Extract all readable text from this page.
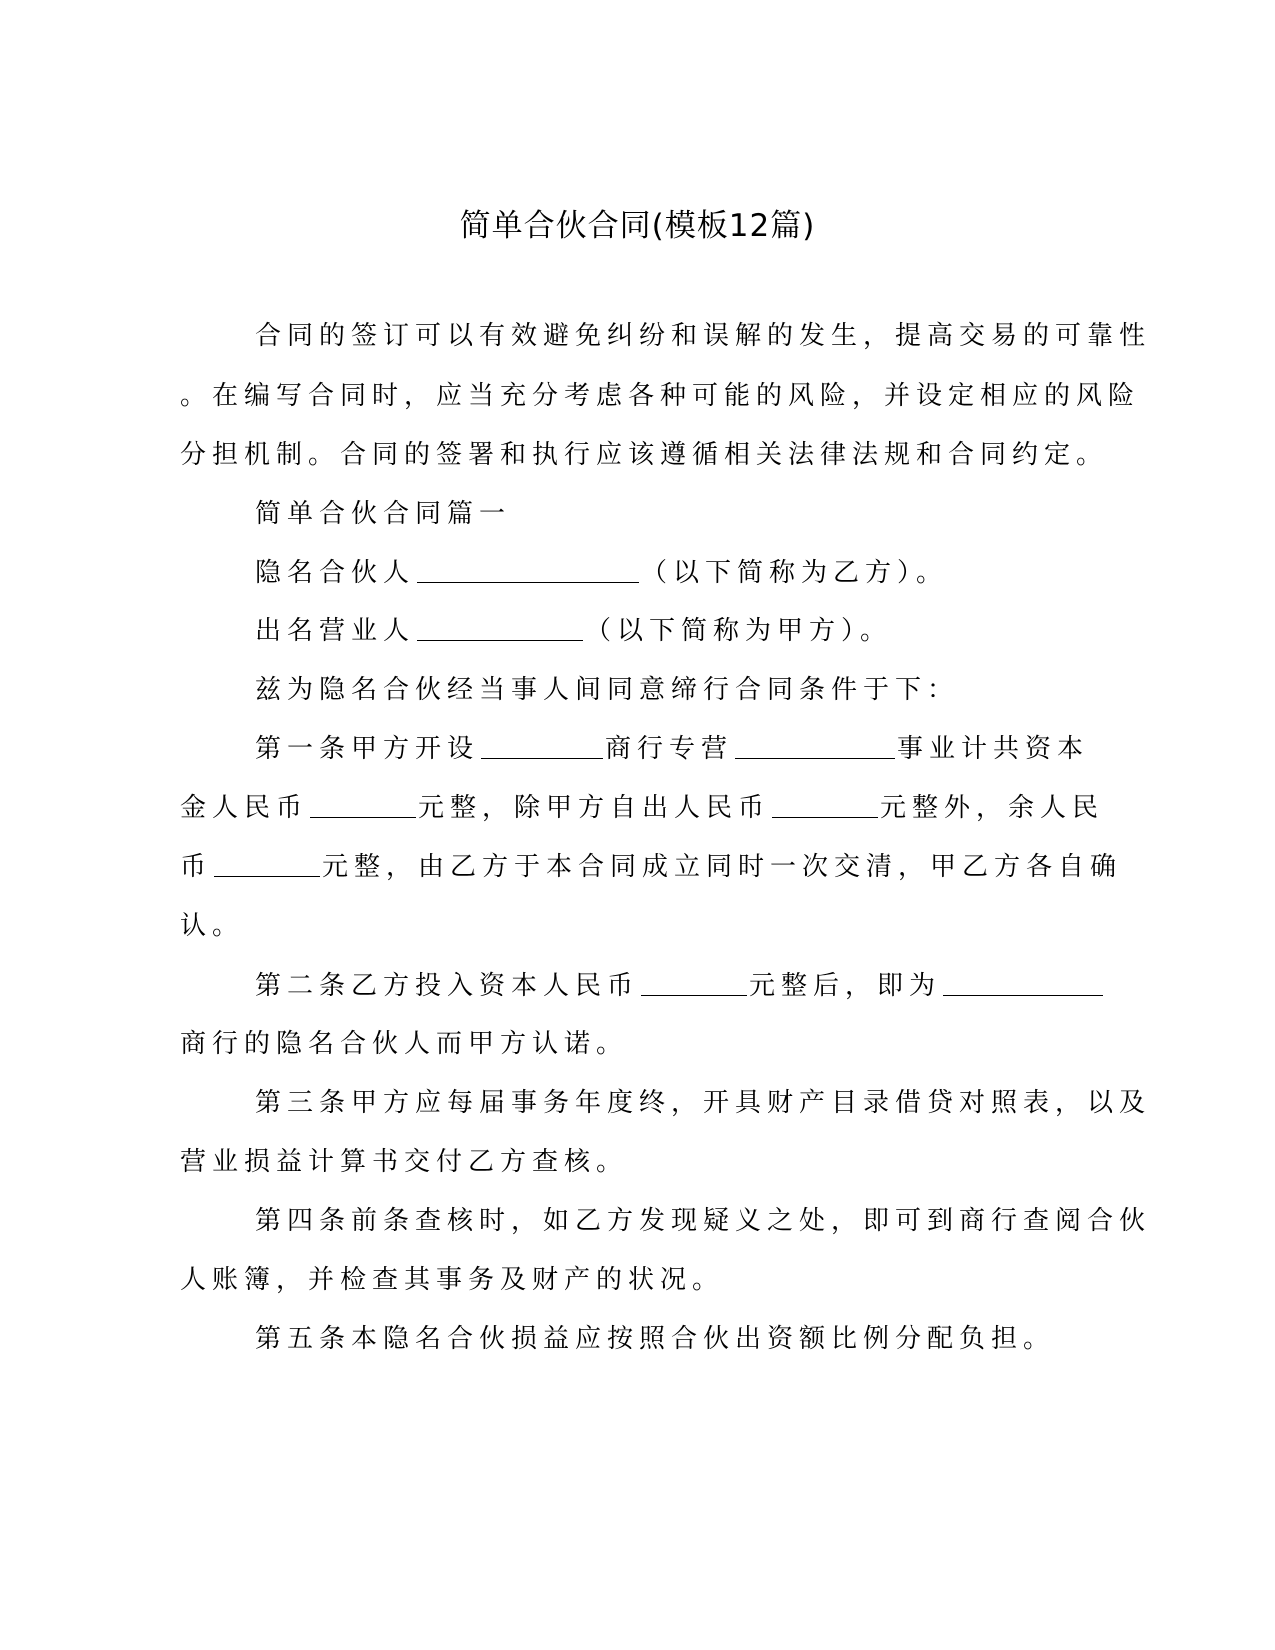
简单合伙合同(模板12篇)
合同的签订可以有效避免纠纷和误解的发生，提高交易的可靠性
。在编写合同时，应当充分考虑各种可能的风险，并设定相应的风险
分担机制。合同的签署和执行应该遵循相关法律法规和合同约定。
简单合伙合同篇一
隐名合伙人	（以下简称为乙方）。
出名营业人	（以下简称为甲方）。
兹为隐名合伙经当事人间同意缔行合同条件于下：
第一条甲方开设	商行专营	事业计共资本
金人民币	元整，除甲方自出人民币	元整外，余人民
币	元整，由乙方于本合同成立同时一次交清，甲乙方各自确
认。
第二条乙方投入资本人民币	元整后，即为
商行的隐名合伙人而甲方认诺。
第三条甲方应每届事务年度终，开具财产目录借贷对照表，以及
营业损益计算书交付乙方查核。
第四条前条查核时，如乙方发现疑义之处，即可到商行查阅合伙
人账簿，并检查其事务及财产的状况。
第五条本隐名合伙损益应按照合伙出资额比例分配负担。
